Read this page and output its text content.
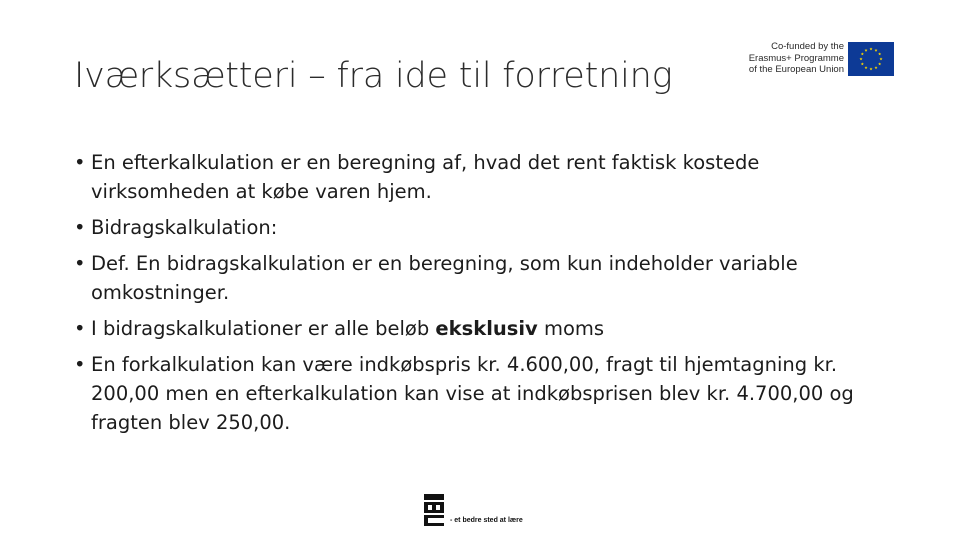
Iværksætteri – fra ide til forretning
Co-funded by the
Erasmus+ Programme
of the European Union
• En efterkalkulation er en beregning af, hvad det rent faktisk kostede virksomheden at købe varen hjem.
• Bidragskalkulation:
• Def. En bidragskalkulation er en beregning, som kun indeholder variable omkostninger.
• I bidragskalkulationer er alle beløb eksklusiv moms
• En forkalkulation kan være indkøbspris kr. 4.600,00, fragt til hjemtagning kr. 200,00 men en efterkalkulation kan vise at indkøbsprisen blev kr. 4.700,00 og fragten blev 250,00.
- et bedre sted at lære
